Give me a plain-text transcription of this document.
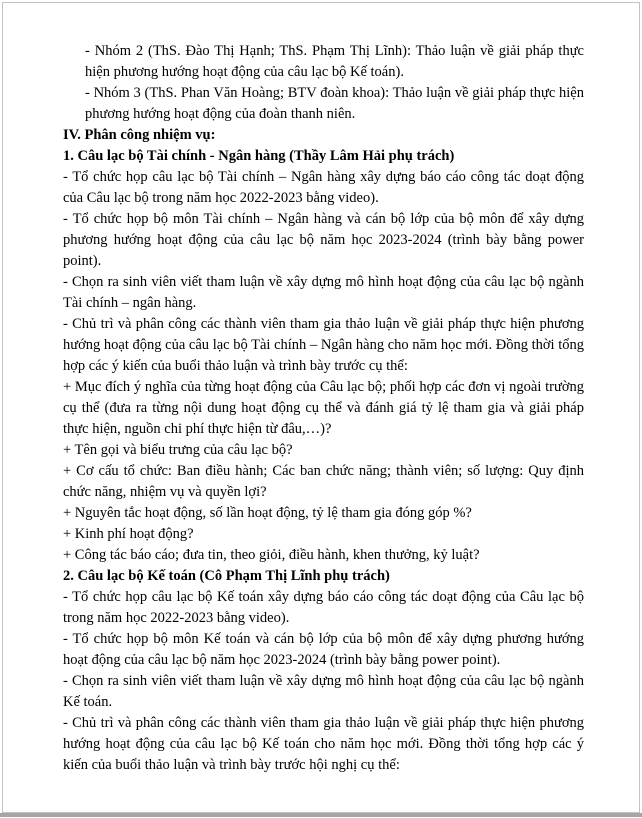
- Nhóm 2 (ThS. Đào Thị Hạnh; ThS. Phạm Thị Lĩnh): Thảo luận về giải pháp thực hiện phương hướng hoạt động của câu lạc bộ Kế toán).

- Nhóm 3 (ThS. Phan Văn Hoàng; BTV đoàn khoa): Thảo luận về giải pháp thực hiện phương hướng hoạt động của đoàn thanh niên.

IV. Phân công nhiệm vụ:

1. Câu lạc bộ Tài chính - Ngân hàng (Thầy Lâm Hải phụ trách)

- Tổ chức họp câu lạc bộ Tài chính – Ngân hàng xây dựng báo cáo công tác doạt động của Câu lạc bộ trong năm học 2022-2023 bằng video).

- Tổ chức họp bộ môn Tài chính – Ngân hàng và cán bộ lớp của bộ môn để xây dựng phương hướng hoạt động của câu lạc bộ năm học 2023-2024 (trình bày bằng power point).

- Chọn ra sinh viên viết tham luận về xây dựng mô hình hoạt động của câu lạc bộ ngành Tài chính – ngân hàng.

- Chủ trì và phân công các thành viên tham gia thảo luận về giải pháp thực hiện phương hướng hoạt động của câu lạc bộ Tài chính – Ngân hàng cho năm học mới. Đồng thời tổng hợp các ý kiến của buổi thảo luận và trình bày trước cụ thể:

+ Mục đích ý nghĩa của từng hoạt động của Câu lạc bộ; phối hợp các đơn vị ngoài trường cụ thể (đưa ra từng nội dung hoạt động cụ thể và đánh giá tỷ lệ tham gia và giải pháp thực hiện, nguồn chi phí thực hiện từ đâu,…)?

+ Tên gọi và biểu trưng của câu lạc bộ?

+ Cơ cấu tổ chức: Ban điều hành; Các ban chức năng; thành viên; số lượng: Quy định chức năng, nhiệm vụ và quyền lợi?

+ Nguyên tắc hoạt động, số lần hoạt động, tỷ lệ tham gia đóng góp %?

+ Kinh phí hoạt động?

+ Công tác báo cáo; đưa tin, theo giỏi, điều hành, khen thưởng, kỷ luật?

2. Câu lạc bộ Kế toán (Cô Phạm Thị Lĩnh phụ trách)

- Tổ chức họp câu lạc bộ Kế toán xây dựng báo cáo công tác doạt động của Câu lạc bộ trong năm học 2022-2023 bằng video).

- Tổ chức họp bộ môn Kế toán và cán bộ lớp của bộ môn để xây dựng phương hướng hoạt động của câu lạc bộ năm học 2023-2024 (trình bày bằng power point).

- Chọn ra sinh viên viết tham luận về xây dựng mô hình hoạt động của câu lạc bộ ngành Kế toán.

- Chủ trì và phân công các thành viên tham gia thảo luận về giải pháp thực hiện phương hướng hoạt động của câu lạc bộ Kế toán cho năm học mới. Đồng thời tổng hợp các ý kiến của buổi thảo luận và trình bày trước hội nghị cụ thể:
